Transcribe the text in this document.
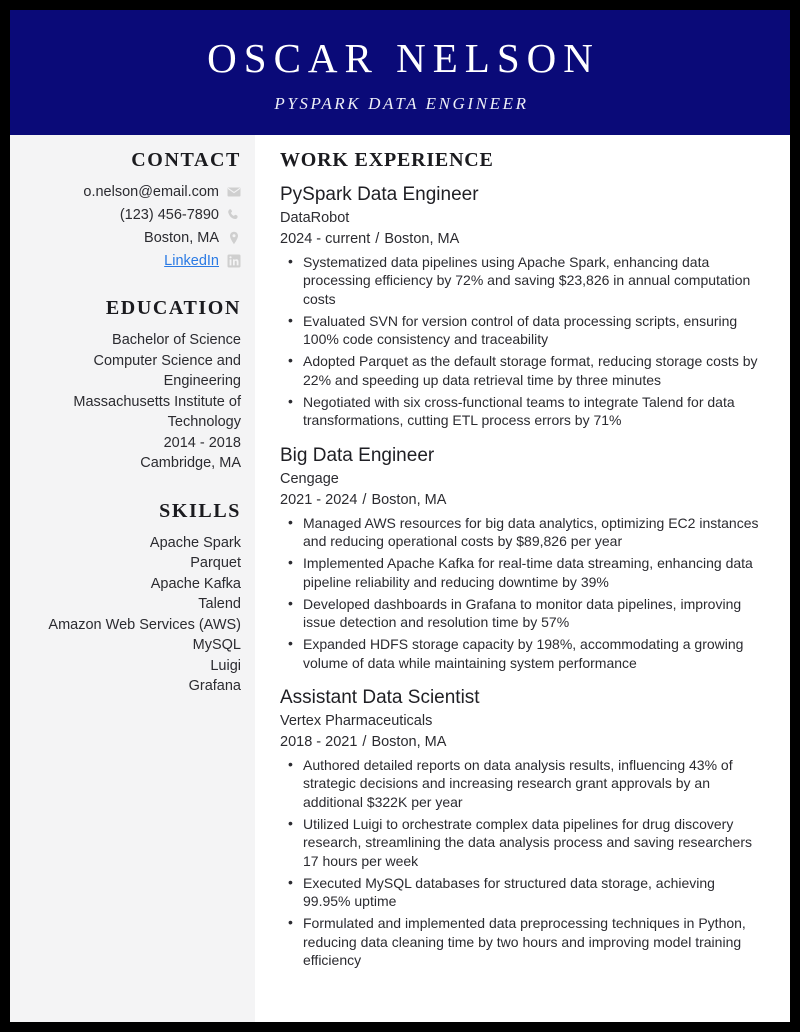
OSCAR NELSON
PYSPARK DATA ENGINEER
CONTACT
o.nelson@email.com
(123) 456-7890
Boston, MA
LinkedIn
EDUCATION
Bachelor of Science
Computer Science and Engineering
Massachusetts Institute of Technology
2014 - 2018
Cambridge, MA
SKILLS
Apache Spark
Parquet
Apache Kafka
Talend
Amazon Web Services (AWS)
MySQL
Luigi
Grafana
WORK EXPERIENCE
PySpark Data Engineer
DataRobot
2024 - current / Boston, MA
• Systematized data pipelines using Apache Spark, enhancing data processing efficiency by 72% and saving $23,826 in annual computation costs
• Evaluated SVN for version control of data processing scripts, ensuring 100% code consistency and traceability
• Adopted Parquet as the default storage format, reducing storage costs by 22% and speeding up data retrieval time by three minutes
• Negotiated with six cross-functional teams to integrate Talend for data transformations, cutting ETL process errors by 71%
Big Data Engineer
Cengage
2021 - 2024 / Boston, MA
• Managed AWS resources for big data analytics, optimizing EC2 instances and reducing operational costs by $89,826 per year
• Implemented Apache Kafka for real-time data streaming, enhancing data pipeline reliability and reducing downtime by 39%
• Developed dashboards in Grafana to monitor data pipelines, improving issue detection and resolution time by 57%
• Expanded HDFS storage capacity by 198%, accommodating a growing volume of data while maintaining system performance
Assistant Data Scientist
Vertex Pharmaceuticals
2018 - 2021 / Boston, MA
• Authored detailed reports on data analysis results, influencing 43% of strategic decisions and increasing research grant approvals by an additional $322K per year
• Utilized Luigi to orchestrate complex data pipelines for drug discovery research, streamlining the data analysis process and saving researchers 17 hours per week
• Executed MySQL databases for structured data storage, achieving 99.95% uptime
• Formulated and implemented data preprocessing techniques in Python, reducing data cleaning time by two hours and improving model training efficiency
